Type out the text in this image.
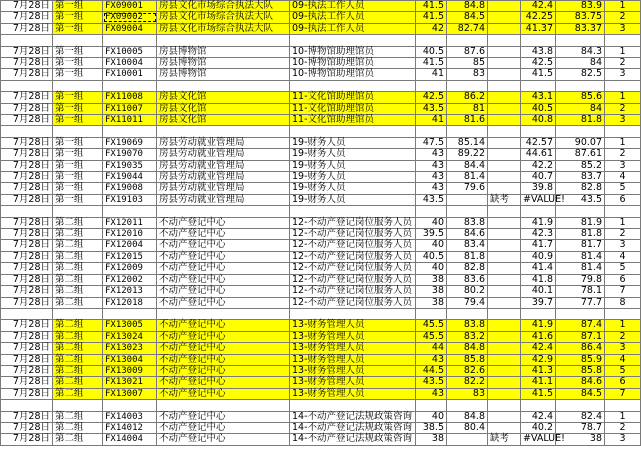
7月28日	第一组	FX09001	房县文化市场综合执法大队	09-执法工作人员	41.5	84.8		42.4	83.9	1
7月28日	第一组	FX09002	房县文化市场综合执法大队	09-执法工作人员	41.5	84.5		42.25	83.75	2
7月28日	第一组	FX09004	房县文化市场综合执法大队	09-执法工作人员	42	82.74		41.37	83.37	3

7月28日	第一组	FX10005	房县博物馆	10-博物馆助理馆员	40.5	87.6		43.8	84.3	1
7月28日	第一组	FX10004	房县博物馆	10-博物馆助理馆员	41.5	85		42.5	84	2
7月28日	第一组	FX10001	房县博物馆	10-博物馆助理馆员	41	83		41.5	82.5	3

7月28日	第一组	FX11008	房县文化馆	11-文化馆助理馆员	42.5	86.2		43.1	85.6	1
7月28日	第一组	FX11007	房县文化馆	11-文化馆助理馆员	43.5	81		40.5	84	2
7月28日	第一组	FX11011	房县文化馆	11-文化馆助理馆员	41	81.6		40.8	81.8	3

7月28日	第一组	FX19069	房县劳动就业管理局	19-财务人员	47.5	85.14		42.57	90.07	1
7月28日	第一组	FX19070	房县劳动就业管理局	19-财务人员	43	89.22		44.61	87.61	2
7月28日	第一组	FX19035	房县劳动就业管理局	19-财务人员	43	84.4		42.2	85.2	3
7月28日	第一组	FX19044	房县劳动就业管理局	19-财务人员	43	81.4		40.7	83.7	4
7月28日	第一组	FX19008	房县劳动就业管理局	19-财务人员	43	79.6		39.8	82.8	5
7月28日	第一组	FX19103	房县劳动就业管理局	19-财务人员	43.5		缺考	#VALUE!	43.5	6

7月28日	第二组	FX12011	不动产登记中心	12-不动产登记岗位服务人员	40	83.8		41.9	81.9	1
7月28日	第二组	FX12010	不动产登记中心	12-不动产登记岗位服务人员	39.5	84.6		42.3	81.8	2
7月28日	第二组	FX12004	不动产登记中心	12-不动产登记岗位服务人员	40	83.4		41.7	81.7	3
7月28日	第二组	FX12015	不动产登记中心	12-不动产登记岗位服务人员	40.5	81.8		40.9	81.4	4
7月28日	第二组	FX12009	不动产登记中心	12-不动产登记岗位服务人员	40	82.8		41.4	81.4	5
7月28日	第二组	FX12002	不动产登记中心	12-不动产登记岗位服务人员	38	83.6		41.8	79.8	6
7月28日	第二组	FX12013	不动产登记中心	12-不动产登记岗位服务人员	38	80.2		40.1	78.1	7
7月28日	第二组	FX12018	不动产登记中心	12-不动产登记岗位服务人员	38	79.4		39.7	77.7	8

7月28日	第二组	FX13005	不动产登记中心	13-财务管理人员	45.5	83.8		41.9	87.4	1
7月28日	第二组	FX13024	不动产登记中心	13-财务管理人员	45.5	83.2		41.6	87.1	2
7月28日	第二组	FX13023	不动产登记中心	13-财务管理人员	44	84.8		42.4	86.4	3
7月28日	第二组	FX13004	不动产登记中心	13-财务管理人员	43	85.8		42.9	85.9	4
7月28日	第二组	FX13009	不动产登记中心	13-财务管理人员	44.5	82.6		41.3	85.8	5
7月28日	第二组	FX13021	不动产登记中心	13-财务管理人员	43.5	82.2		41.1	84.6	6
7月28日	第二组	FX13007	不动产登记中心	13-财务管理人员	43	83		41.5	84.5	7

7月28日	第二组	FX14003	不动产登记中心	14-不动产登记法规政策咨询	40	84.8		42.4	82.4	1
7月28日	第二组	FX14012	不动产登记中心	14-不动产登记法规政策咨询	38.5	80.4		40.2	78.7	2
7月28日	第二组	FX14004	不动产登记中心	14-不动产登记法规政策咨询	38		缺考	#VALUE!	38	3
